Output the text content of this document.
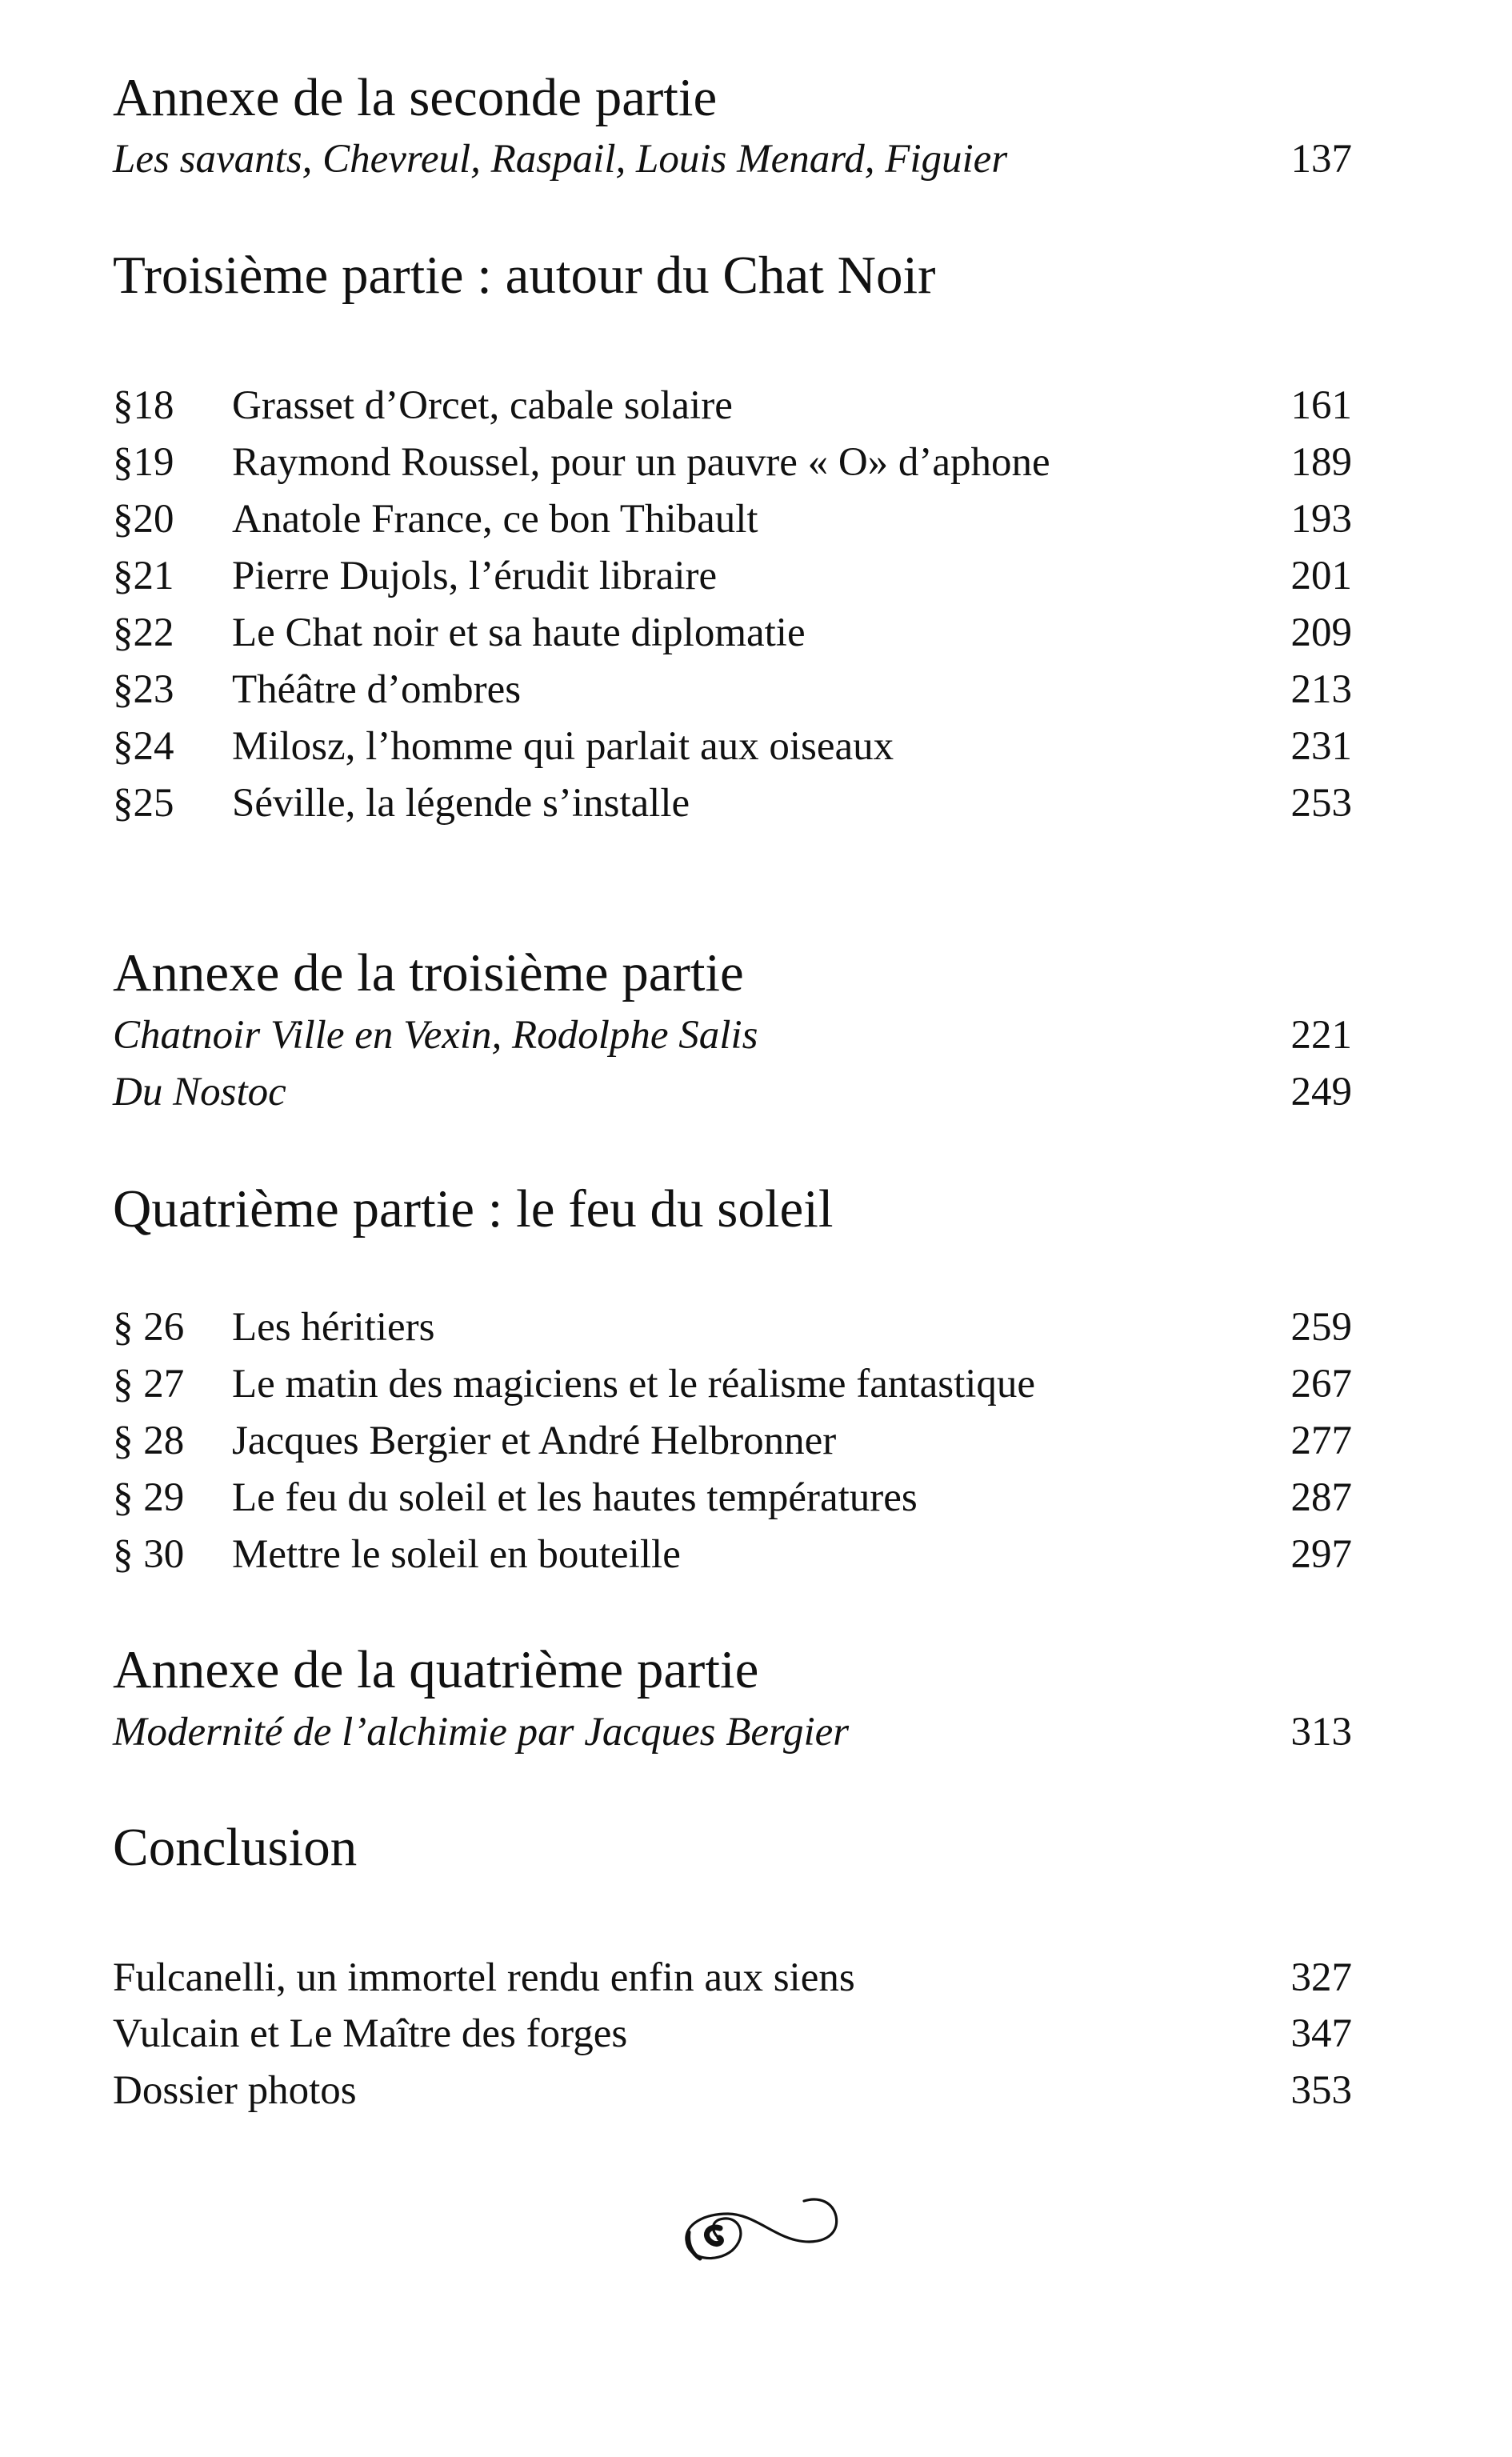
Annexe de la seconde partie
Les savants, Chevreul, Raspail, Louis Menard, Figuier	137
Troisième partie : autour du Chat Noir
§18 Grasset d’Orcet, cabale solaire	161
§19 Raymond Roussel, pour un pauvre « O» d’aphone	189
§20 Anatole France, ce bon Thibault	193
§21 Pierre Dujols, l’érudit libraire	201
§22 Le Chat noir et sa haute diplomatie	209
§23 Théâtre d’ombres	213
§24 Milosz, l’homme qui parlait aux oiseaux	231
§25 Séville, la légende s’installe	253
Annexe de la troisième partie
Chatnoir Ville en Vexin, Rodolphe Salis	221
Du Nostoc	249
Quatrième partie : le feu du soleil
§ 26 Les héritiers	259
§ 27 Le matin des magiciens et le réalisme fantastique	267
§ 28 Jacques Bergier et André Helbronner	277
§ 29 Le feu du soleil et les hautes températures	287
§ 30 Mettre le soleil en bouteille	297
Annexe de la quatrième partie
Modernité de l’alchimie par Jacques Bergier	313
Conclusion
Fulcanelli, un immortel rendu enfin aux siens	327
Vulcain et Le Maître des forges	347
Dossier photos	353
